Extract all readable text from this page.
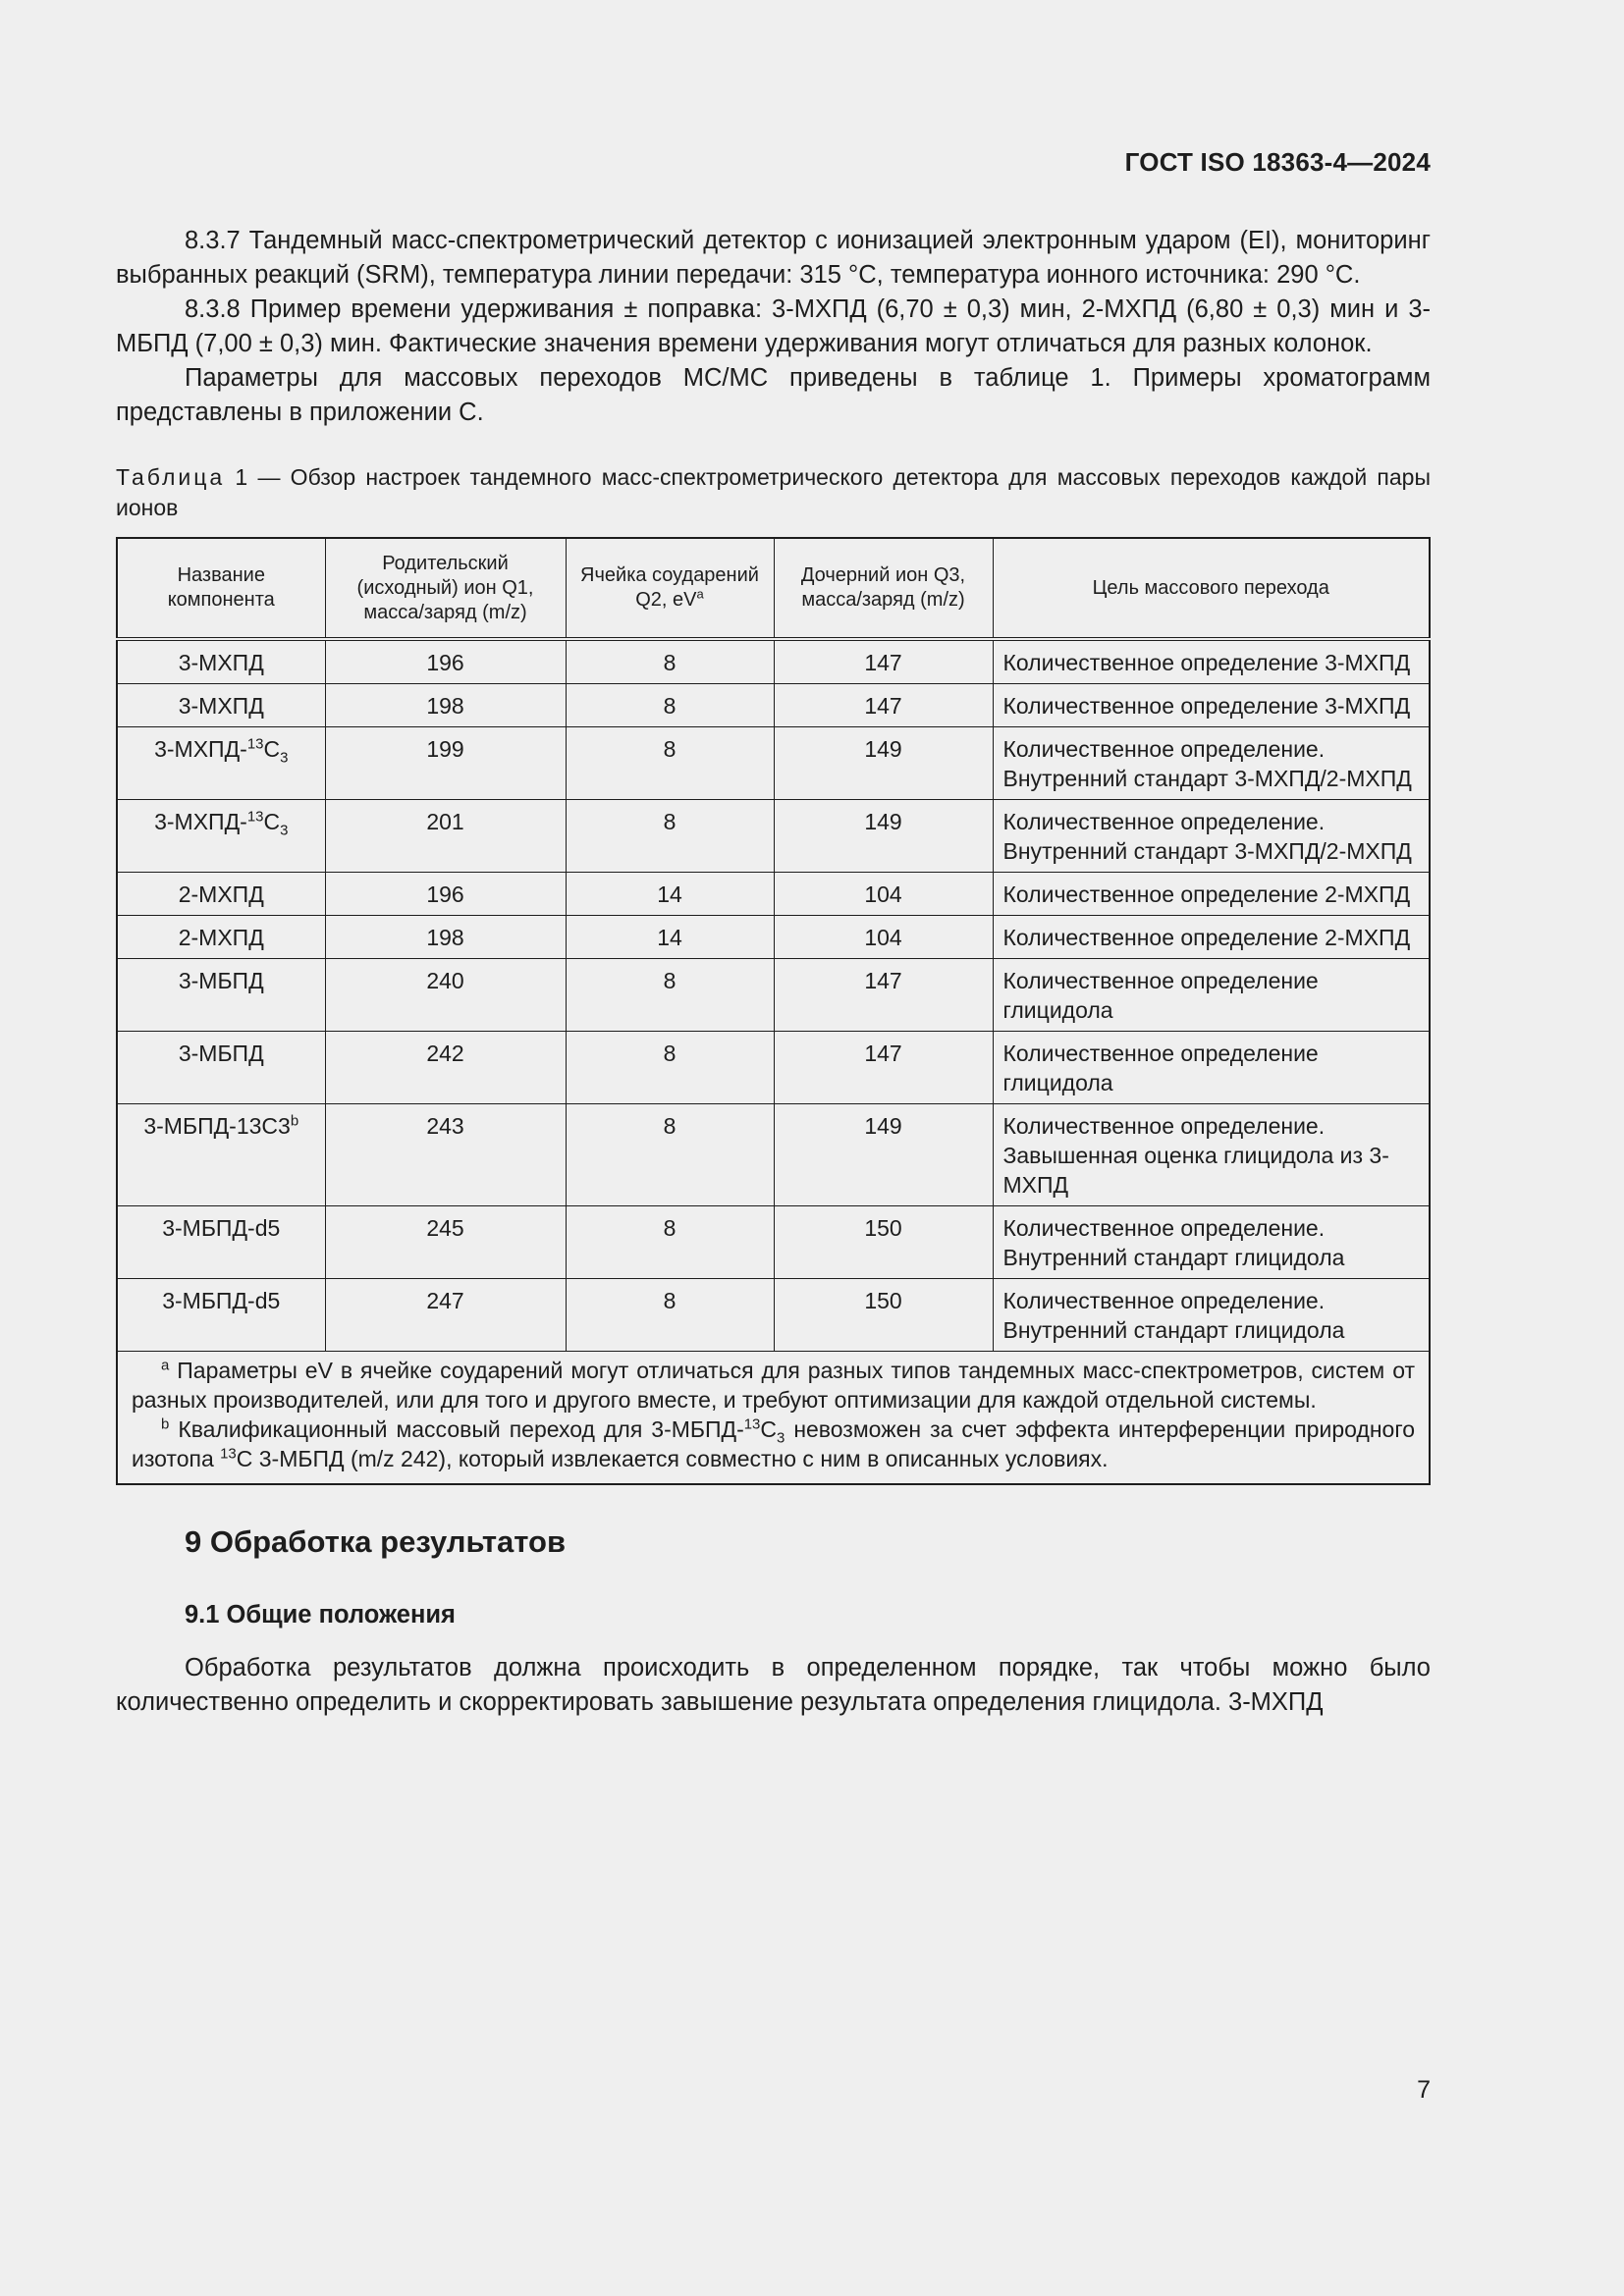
ГОСТ ISO 18363-4—2024

8.3.7 Тандемный масс-спектрометрический детектор с ионизацией электронным ударом (EI), мониторинг выбранных реакций (SRM), температура линии передачи: 315 °C, температура ионного источника: 290 °C.

8.3.8 Пример времени удерживания ± поправка: 3-МХПД (6,70 ± 0,3) мин, 2-МХПД (6,80 ± 0,3) мин и 3-МБПД (7,00 ± 0,3) мин. Фактические значения времени удерживания могут отличаться для разных колонок.

Параметры для массовых переходов МС/МС приведены в таблице 1. Примеры хроматограмм представлены в приложении С.

Таблица 1 — Обзор настроек тандемного масс-спектрометрического детектора для массовых переходов каждой пары ионов
Название компонента	Родительский (исходный) ион Q1, масса/заряд (m/z)	Ячейка соударений Q2, $eV^a$	Дочерний ион Q3, масса/заряд (m/z)	Цель массового перехода
3-МХПД	196	8	147	Количественное определение 3-МХПД
3-МХПД	198	8	147	Количественное определение 3-МХПД
$3-МХПД-^{13}C_3$	199	8	149	Количественное определение. Внутренний стандарт 3-МХПД/2-МХПД
$3-МХПД-^{13}C_3$	201	8	149	Количественное определение. Внутренний стандарт 3-МХПД/2-МХПД
2-МХПД	196	14	104	Количественное определение 2-МХПД
2-МХПД	198	14	104	Количественное определение 2-МХПД
3-МБПД	240	8	147	Количественное определение глицидола
3-МБПД	242	8	147	Количественное определение глицидола
3-МБПД-13С3$^b$	243	8	149	Количественное определение. Завышенная оценка глицидола из 3-МХПД
3-МБПД-d5	245	8	150	Количественное определение. Внутренний стандарт глицидола
3-МБПД-d5	247	8	150	Количественное определение. Внутренний стандарт глицидола

$^a$ Параметры eV в ячейке соударений могут отличаться для разных типов тандемных масс-спектрометров, систем от разных производителей, или для того и другого вместе, и требуют оптимизации для каждой отдельной системы.

$^b$ Квалификационный массовый переход для $3-МБПД-^{13}C_3$ невозможен за счет эффекта интерференции природного изотопа $^{13}$C 3-МБПД (m/z 242), который извлекается совместно с ним в описанных условиях.				

9 Обработка результатов
9.1 Общие положения

Обработка результатов должна происходить в определенном порядке, так чтобы можно было количественно определить и скорректировать завышение результата определения глицидола. 3-МХПД

7
